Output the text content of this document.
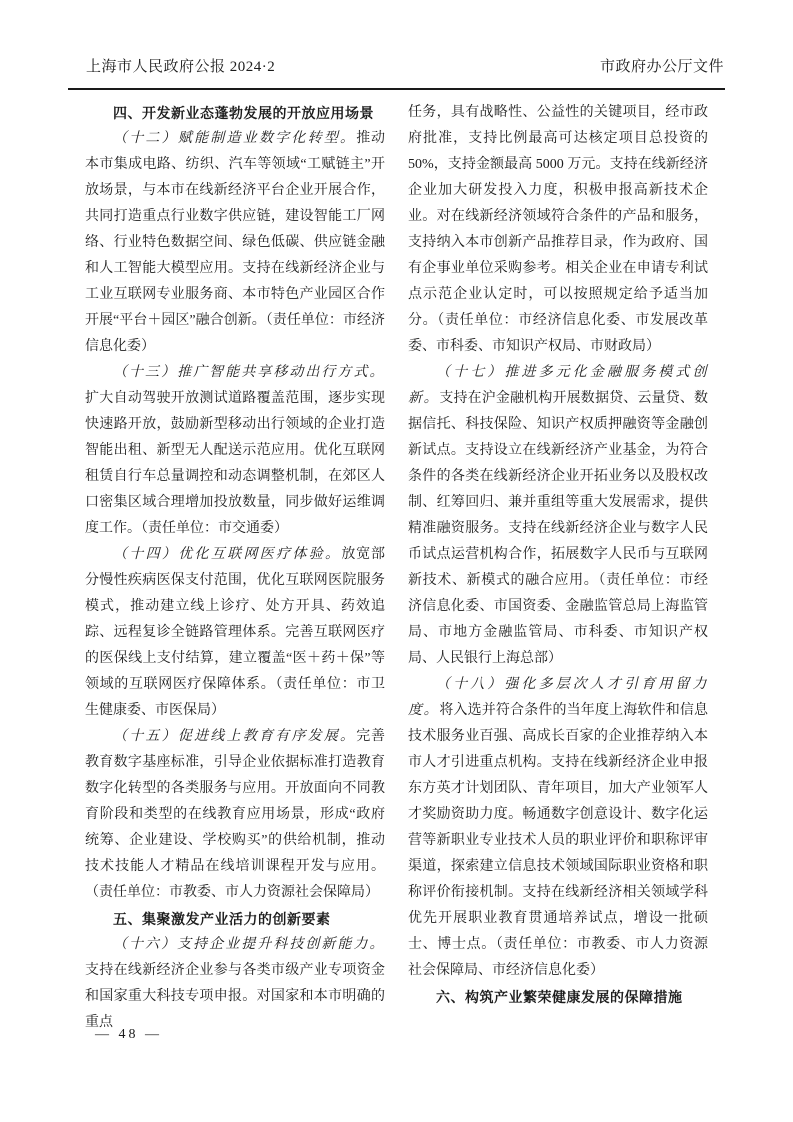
上海市人民政府公报 2024·2	市政府办公厅文件

四、开发新业态蓬勃发展的开放应用场景

（十二）赋能制造业数字化转型。推动本市集成电路、纺织、汽车等领域“工赋链主”开放场景，与本市在线新经济平台企业开展合作，共同打造重点行业数字供应链，建设智能工厂网络、行业特色数据空间、绿色低碳、供应链金融和人工智能大模型应用。支持在线新经济企业与工业互联网专业服务商、本市特色产业园区合作开展“平台＋园区”融合创新。（责任单位：市经济信息化委）

（十三）推广智能共享移动出行方式。扩大自动驾驶开放测试道路覆盖范围，逐步实现快速路开放，鼓励新型移动出行领域的企业打造智能出租、新型无人配送示范应用。优化互联网租赁自行车总量调控和动态调整机制，在郊区人口密集区域合理增加投放数量，同步做好运维调度工作。（责任单位：市交通委）

（十四）优化互联网医疗体验。放宽部分慢性疾病医保支付范围，优化互联网医院服务模式，推动建立线上诊疗、处方开具、药效追踪、远程复诊全链路管理体系。完善互联网医疗的医保线上支付结算，建立覆盖“医＋药＋保”等领域的互联网医疗保障体系。（责任单位：市卫生健康委、市医保局）

（十五）促进线上教育有序发展。完善教育数字基座标准，引导企业依据标准打造教育数字化转型的各类服务与应用。开放面向不同教育阶段和类型的在线教育应用场景，形成“政府统筹、企业建设、学校购买”的供给机制，推动技术技能人才精品在线培训课程开发与应用。（责任单位：市教委、市人力资源社会保障局）

五、集聚激发产业活力的创新要素

（十六）支持企业提升科技创新能力。支持在线新经济企业参与各类市级产业专项资金和国家重大科技专项申报。对国家和本市明确的重点

任务，具有战略性、公益性的关键项目，经市政府批准，支持比例最高可达核定项目总投资的50%，支持金额最高 5000 万元。支持在线新经济企业加大研发投入力度，积极申报高新技术企业。对在线新经济领域符合条件的产品和服务，支持纳入本市创新产品推荐目录，作为政府、国有企事业单位采购参考。相关企业在申请专利试点示范企业认定时，可以按照规定给予适当加分。（责任单位：市经济信息化委、市发展改革委、市科委、市知识产权局、市财政局）

（十七）推进多元化金融服务模式创新。支持在沪金融机构开展数据贷、云量贷、数据信托、科技保险、知识产权质押融资等金融创新试点。支持设立在线新经济产业基金，为符合条件的各类在线新经济企业开拓业务以及股权改制、红筹回归、兼并重组等重大发展需求，提供精准融资服务。支持在线新经济企业与数字人民币试点运营机构合作，拓展数字人民币与互联网新技术、新模式的融合应用。（责任单位：市经济信息化委、市国资委、金融监管总局上海监管局、市地方金融监管局、市科委、市知识产权局、人民银行上海总部）

（十八）强化多层次人才引育用留力度。将入选并符合条件的当年度上海软件和信息技术服务业百强、高成长百家的企业推荐纳入本市人才引进重点机构。支持在线新经济企业申报东方英才计划团队、青年项目，加大产业领军人才奖励资助力度。畅通数字创意设计、数字化运营等新职业专业技术人员的职业评价和职称评审渠道，探索建立信息技术领域国际职业资格和职称评价衔接机制。支持在线新经济相关领域学科优先开展职业教育贯通培养试点，增设一批硕士、博士点。（责任单位：市教委、市人力资源社会保障局、市经济信息化委）

六、构筑产业繁荣健康发展的保障措施

— 48 —
